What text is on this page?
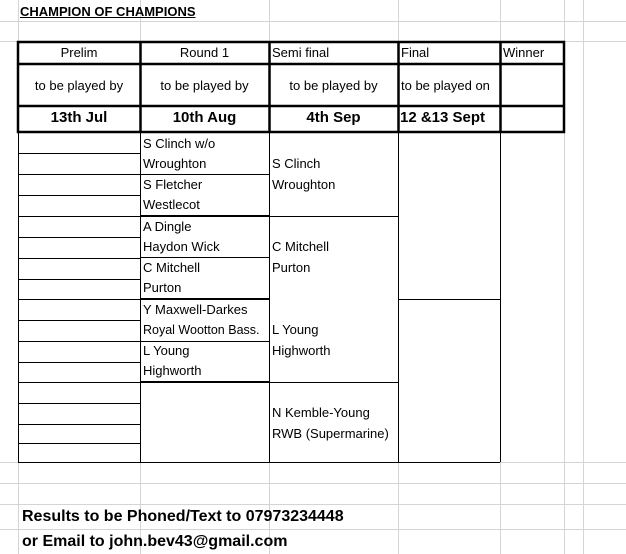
CHAMPION OF CHAMPIONS
Prelim	Round 1	Semi final	Final	Winner
to be played by	to be played by	to be played by	to be played on
13th Jul	10th Aug	4th Sep	12 &13 Sept
S Clinch w/o
Wroughton
S Fletcher
Westlecot
A Dingle
Haydon Wick
C Mitchell
Purton
Y Maxwell-Darkes
Royal Wootton Bass.
L Young
Highworth
S Clinch
Wroughton
C Mitchell
Purton
L Young
Highworth
N Kemble-Young
RWB (Supermarine)
Results to be Phoned/Text to 07973234448
or Email to john.bev43@gmail.com
